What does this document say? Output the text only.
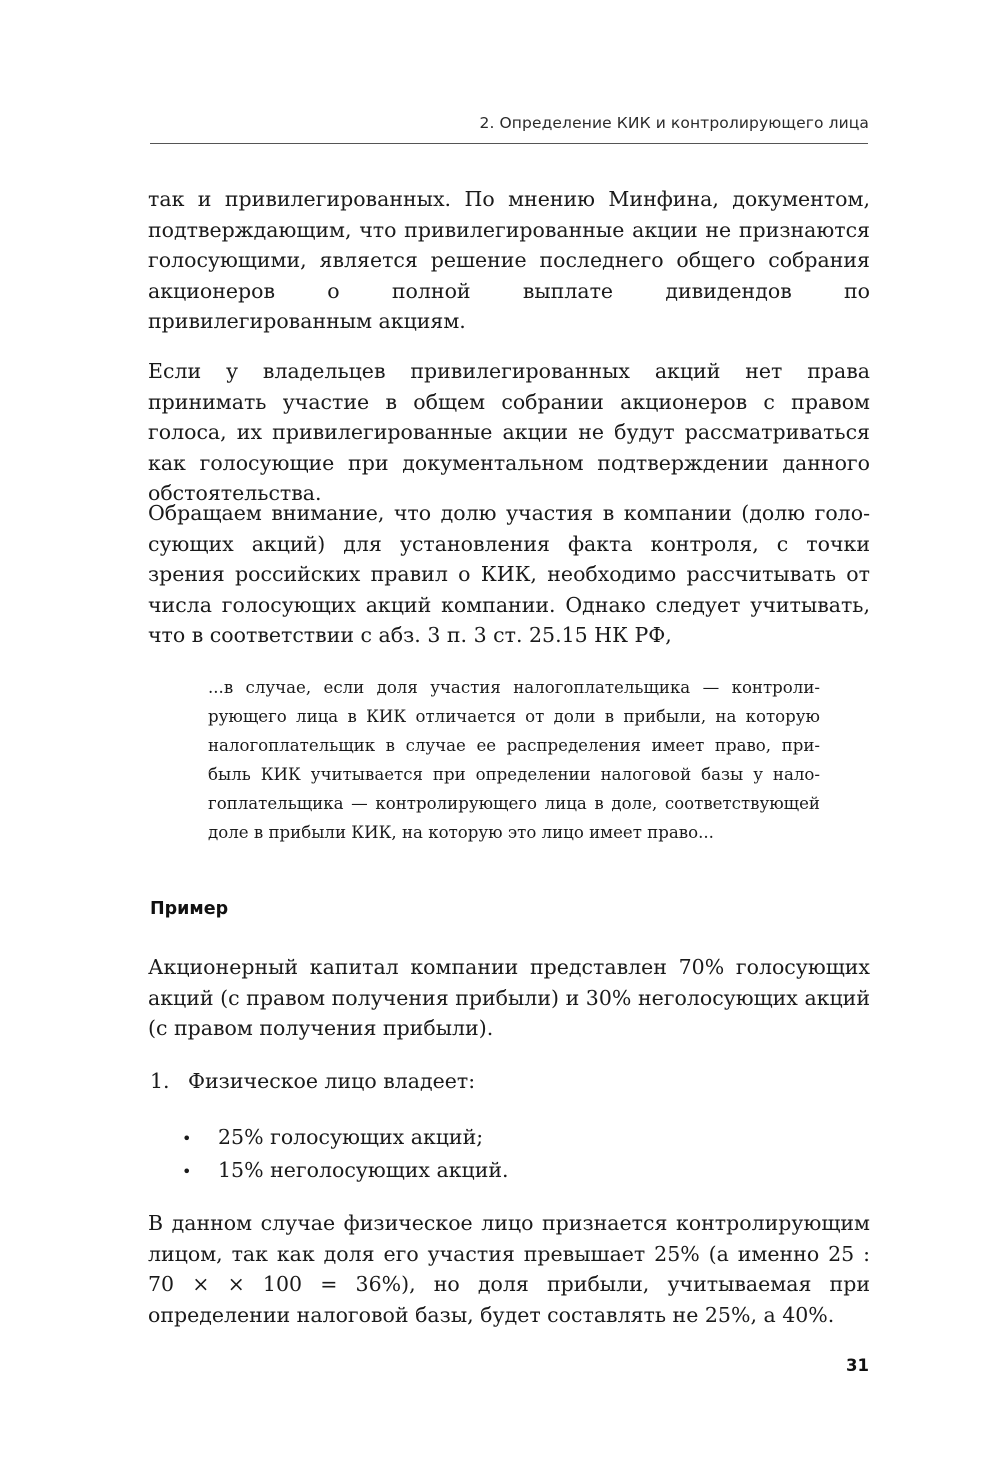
2. Определение КИК и контролирующего лица

так и привилегированных. По мнению Минфина, документом, подтверждающим, что привилегированные акции не признаются голосующими, является решение последнего общего собрания акционеров о полной выплате дивидендов по привилегированным акциям.

Если у владельцев привилегированных акций нет права принимать участие в общем собрании акционеров с правом голоса, их привилегированные акции не будут рассматриваться как голосующие при документальном подтверждении данного обстоятельства.

Обращаем внимание, что долю участия в компании (долю голосующих акций) для установления факта контроля, с точки зрения российских правил о КИК, необходимо рассчитывать от числа голосующих акций компании. Однако следует учитывать, что в соответствии с абз. 3 п. 3 ст. 25.15 НК РФ,

...в случае, если доля участия налогоплательщика — контролирующего лица в КИК отличается от доли в прибыли, на которую налогоплательщик в случае ее распределения имеет право, прибыль КИК учитывается при определении налоговой базы у налогоплательщика — контролирующего лица в доле, соответствующей доле в прибыли КИК, на которую это лицо имеет право...

Пример

Акционерный капитал компании представлен 70% голосующих акций (с правом получения прибыли) и 30% неголосующих акций (с правом получения прибыли).

1. Физическое лицо владеет:
• 25% голосующих акций;
• 15% неголосующих акций.

В данном случае физическое лицо признается контролирующим лицом, так как доля его участия превышает 25% (а именно 25 : 70 × × 100 = 36%), но доля прибыли, учитываемая при определении налоговой базы, будет составлять не 25%, а 40%.

31
